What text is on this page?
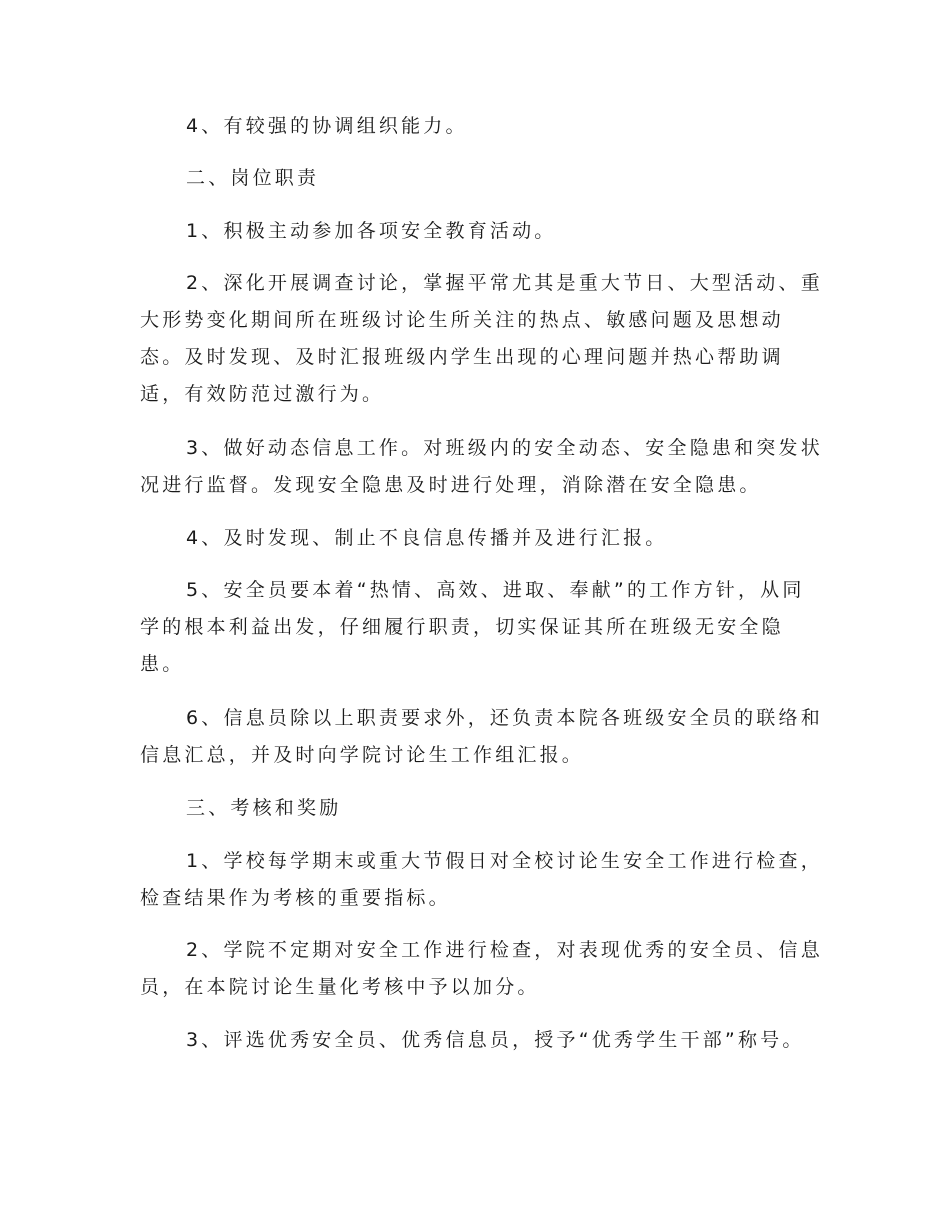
4、有较强的协调组织能力。

二、岗位职责

1、积极主动参加各项安全教育活动。

2、深化开展调查讨论，掌握平常尤其是重大节日、大型活动、重
大形势变化期间所在班级讨论生所关注的热点、敏感问题及思想动
态。及时发现、及时汇报班级内学生出现的心理问题并热心帮助调
适，有效防范过激行为。

3、做好动态信息工作。对班级内的安全动态、安全隐患和突发状
况进行监督。发现安全隐患及时进行处理，消除潜在安全隐患。

4、及时发现、制止不良信息传播并及进行汇报。

5、安全员要本着“热情、高效、进取、奉献”的工作方针，从同
学的根本利益出发，仔细履行职责，切实保证其所在班级无安全隐
患。

6、信息员除以上职责要求外，还负责本院各班级安全员的联络和
信息汇总，并及时向学院讨论生工作组汇报。

三、考核和奖励

1、学校每学期末或重大节假日对全校讨论生安全工作进行检查，
检查结果作为考核的重要指标。

2、学院不定期对安全工作进行检查，对表现优秀的安全员、信息
员，在本院讨论生量化考核中予以加分。

3、评选优秀安全员、优秀信息员，授予“优秀学生干部”称号。
